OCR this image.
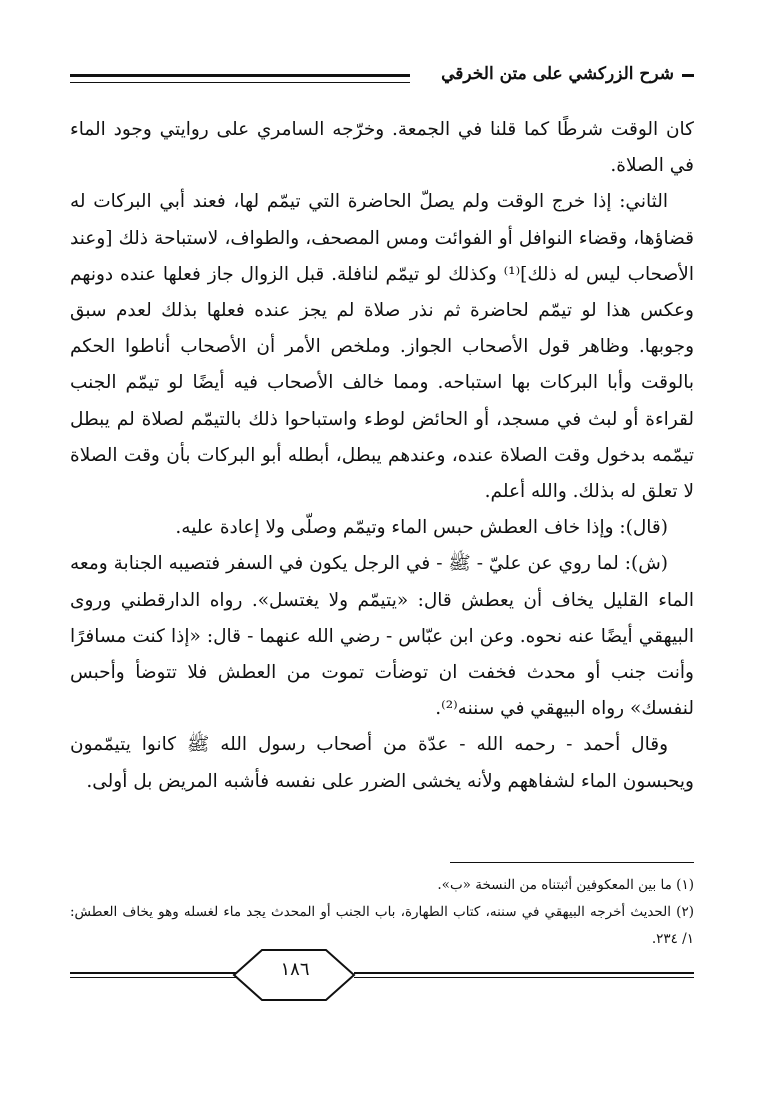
شرح الزركشي على متن الخرقي

كان الوقت شرطًا كما قلنا في الجمعة. وخرّجه السامري على روايتي وجود الماء في الصلاة.

الثاني: إذا خرج الوقت ولم يصلّ الحاضرة التي تيمّم لها، فعند أبي البركات له قضاؤها، وقضاء النوافل أو الفوائت ومس المصحف، والطواف، لاستباحة ذلك [وعند الأصحاب ليس له ذلك]⁽¹⁾ وكذلك لو تيمّم لنافلة. قبل الزوال جاز فعلها عنده دونهم وعكس هذا لو تيمّم لحاضرة ثم نذر صلاة لم يجز عنده فعلها بذلك لعدم سبق وجوبها. وظاهر قول الأصحاب الجواز. وملخص الأمر أن الأصحاب أناطوا الحكم بالوقت وأبا البركات بها استباحه. ومما خالف الأصحاب فيه أيضًا لو تيمّم الجنب لقراءة أو لبث في مسجد، أو الحائض لوطء واستباحوا ذلك بالتيمّم لصلاة لم يبطل تيمّمه بدخول وقت الصلاة عنده، وعندهم يبطل، أبطله أبو البركات بأن وقت الصلاة لا تعلق له بذلك. والله أعلم.

(قال): وإذا خاف العطش حبس الماء وتيمّم وصلّى ولا إعادة عليه.

(ش): لما روي عن عليّ - ﷺ - في الرجل يكون في السفر فتصيبه الجنابة ومعه الماء القليل يخاف أن يعطش قال: «يتيمّم ولا يغتسل». رواه الدارقطني وروى البيهقي أيضًا عنه نحوه. وعن ابن عبّاس - رضي الله عنهما - قال: «إذا كنت مسافرًا وأنت جنب أو محدث فخفت ان توضأت تموت من العطش فلا تتوضأ وأحبس لنفسك» رواه البيهقي في سننه⁽²⁾.

وقال أحمد - رحمه الله - عدّة من أصحاب رسول الله ﷺ كانوا يتيمّمون ويحبسون الماء لشفاههم ولأنه يخشى الضرر على نفسه فأشبه المريض بل أولى.

(١) ما بين المعكوفين أثبتناه من النسخة «ب».

(٢) الحديث أخرجه البيهقي في سننه، كتاب الطهارة، باب الجنب أو المحدث يجد ماء لغسله وهو يخاف العطش: ١/ ٢٣٤.

١٨٦
